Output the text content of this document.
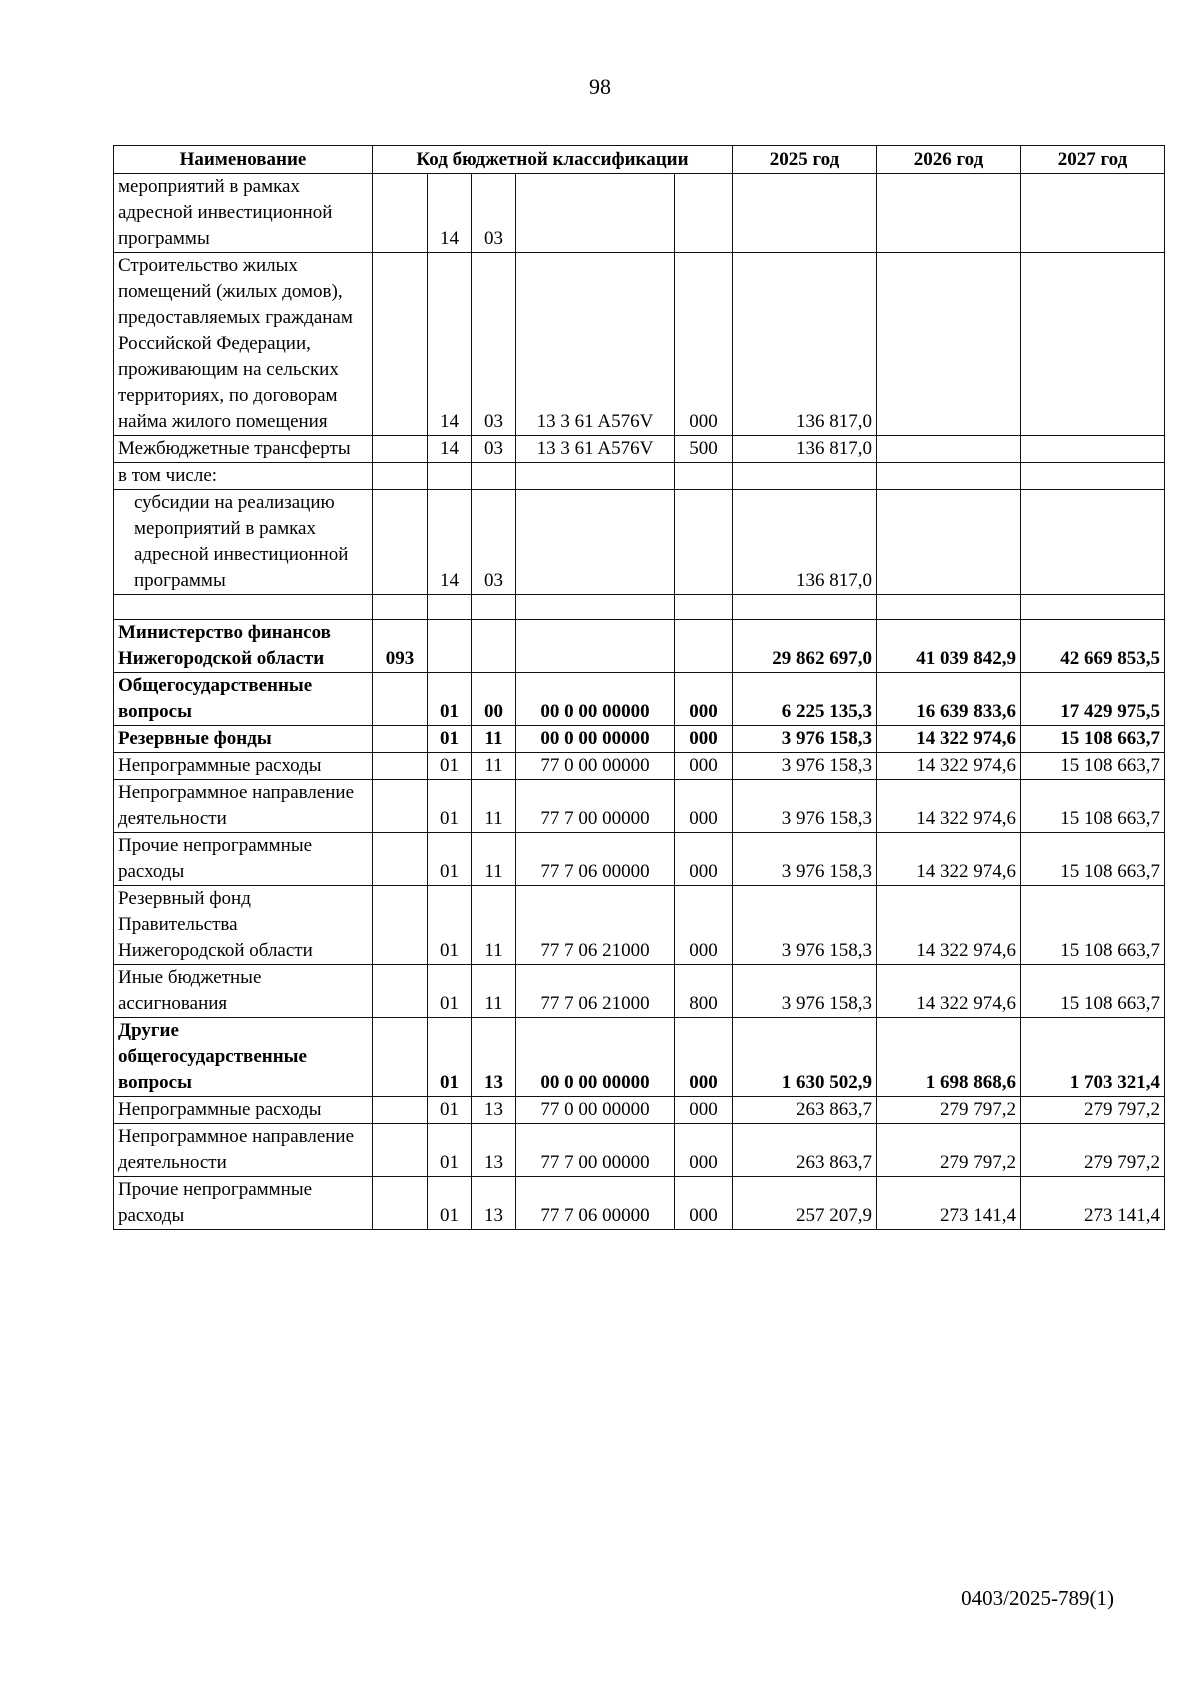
98
Наименование	Код бюджетной классификации					2025 год	2026 год	2027 год
мероприятий в рамках адресной инвестиционной программы		14	03					
Строительство жилых помещений (жилых домов), предоставляемых гражданам Российской Федерации, проживающим на сельских территориях, по договорам найма жилого помещения		14	03	13 3 61 A576V	000	136 817,0		
Межбюджетные трансферты		14	03	13 3 61 A576V	500	136 817,0		
в том числе:								
субсидии на реализацию мероприятий в рамках адресной инвестиционной программы		14	03			136 817,0		

Министерство финансов Нижегородской области	093					29 862 697,0	41 039 842,9	42 669 853,5
Общегосударственные вопросы		01	00	00 0 00 00000	000	6 225 135,3	16 639 833,6	17 429 975,5
Резервные фонды		01	11	00 0 00 00000	000	3 976 158,3	14 322 974,6	15 108 663,7
Непрограммные расходы		01	11	77 0 00 00000	000	3 976 158,3	14 322 974,6	15 108 663,7
Непрограммное направление деятельности		01	11	77 7 00 00000	000	3 976 158,3	14 322 974,6	15 108 663,7
Прочие непрограммные расходы		01	11	77 7 06 00000	000	3 976 158,3	14 322 974,6	15 108 663,7
Резервный фонд Правительства Нижегородской области		01	11	77 7 06 21000	000	3 976 158,3	14 322 974,6	15 108 663,7
Иные бюджетные ассигнования		01	11	77 7 06 21000	800	3 976 158,3	14 322 974,6	15 108 663,7
Другие общегосударственные вопросы		01	13	00 0 00 00000	000	1 630 502,9	1 698 868,6	1 703 321,4
Непрограммные расходы		01	13	77 0 00 00000	000	263 863,7	279 797,2	279 797,2
Непрограммное направление деятельности		01	13	77 7 00 00000	000	263 863,7	279 797,2	279 797,2
Прочие непрограммные расходы		01	13	77 7 06 00000	000	257 207,9	273 141,4	273 141,4
0403/2025-789(1)
